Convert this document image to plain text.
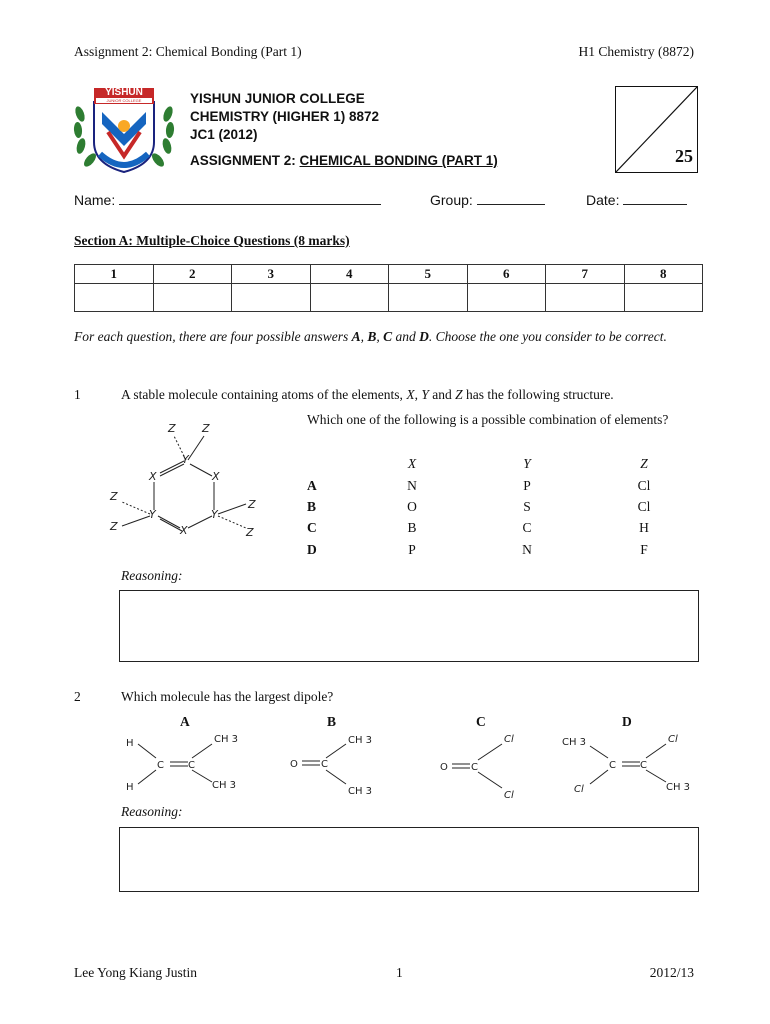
Assignment 2: Chemical Bonding (Part 1)	H1 Chemistry (8872)
YISHUN
JUNIOR COLLEGE	YISHUN JUNIOR COLLEGE
CHEMISTRY (HIGHER 1) 8872
JC1 (2012)
ASSIGNMENT 2: CHEMICAL BONDING (PART 1)	25
Name:	Group:	Date:
Section A: Multiple-Choice Questions (8 marks)
1	2	3	4	5	6	7	8

For each question, there are four possible answers A, B, C and D. Choose the one you consider to be correct.
1	A stable molecule containing atoms of the elements, X, Y and Z has the following structure.
Which one of the following is a possible combination of elements?
Y
X	X
Y	Y
X
Z Z
Z
Z
Z
Z
X	Y	Z
A	N	P	Cl
B	O	S	Cl
C	B	C	H
D	P	N	F
Reasoning:
2	Which molecule has the largest dipole?
A	B	C	D
H
H
C C
CH 3
CH 3
O C
CH 3
CH 3
O C
Cl
Cl
CH 3
Cl
C C
Cl
CH 3
Reasoning:
Lee Yong Kiang Justin	1	2012/13
